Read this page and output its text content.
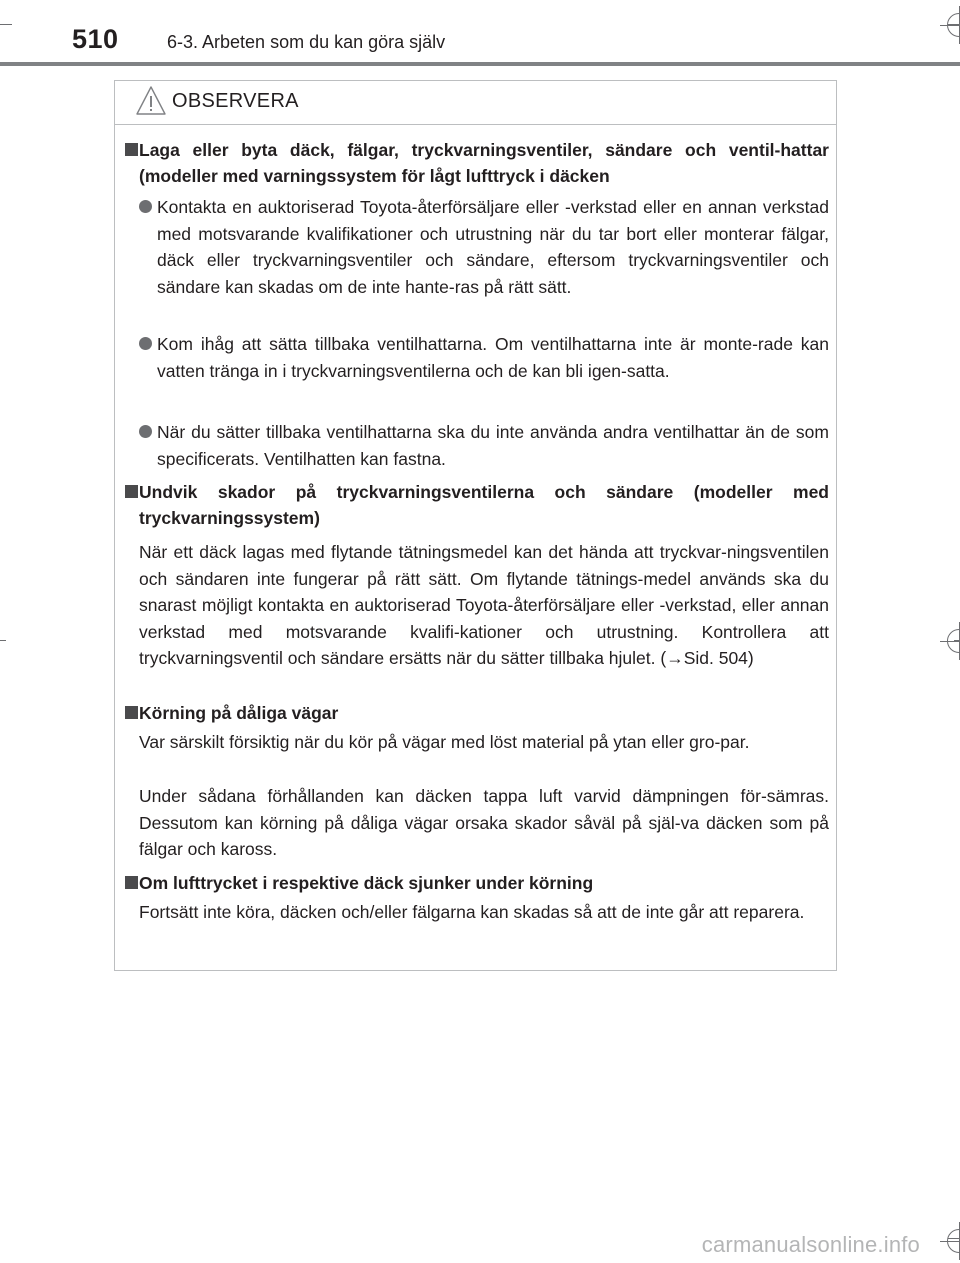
510	6-3. Arbeten som du kan göra själv
OBSERVERA
Laga eller byta däck, fälgar, tryckvarningsventiler, sändare och ventil-hattar (modeller med varningssystem för lågt lufttryck i däcken
Kontakta en auktoriserad Toyota-återförsäljare eller -verkstad eller en annan verkstad med motsvarande kvalifikationer och utrustning när du tar bort eller monterar fälgar, däck eller tryckvarningsventiler och sändare, eftersom tryckvarningsventiler och sändare kan skadas om de inte hante-ras på rätt sätt.
Kom ihåg att sätta tillbaka ventilhattarna. Om ventilhattarna inte är monte-rade kan vatten tränga in i tryckvarningsventilerna och de kan bli igen-satta.
När du sätter tillbaka ventilhattarna ska du inte använda andra ventilhattar än de som specificerats. Ventilhatten kan fastna.
Undvik skador på tryckvarningsventilerna och sändare (modeller med tryckvarningssystem)
När ett däck lagas med flytande tätningsmedel kan det hända att tryckvar-ningsventilen och sändaren inte fungerar på rätt sätt. Om flytande tätnings-medel används ska du snarast möjligt kontakta en auktoriserad Toyota-återförsäljare eller -verkstad, eller annan verkstad med motsvarande kvalifi-kationer och utrustning. Kontrollera att tryckvarningsventil och sändare ersätts när du sätter tillbaka hjulet. (→Sid. 504)
Körning på dåliga vägar
Var särskilt försiktig när du kör på vägar med löst material på ytan eller gro-par.
Under sådana förhållanden kan däcken tappa luft varvid dämpningen för-sämras. Dessutom kan körning på dåliga vägar orsaka skador såväl på själ-va däcken som på fälgar och kaross.
Om lufttrycket i respektive däck sjunker under körning
Fortsätt inte köra, däcken och/eller fälgarna kan skadas så att de inte går att reparera.
carmanualsonline.info
